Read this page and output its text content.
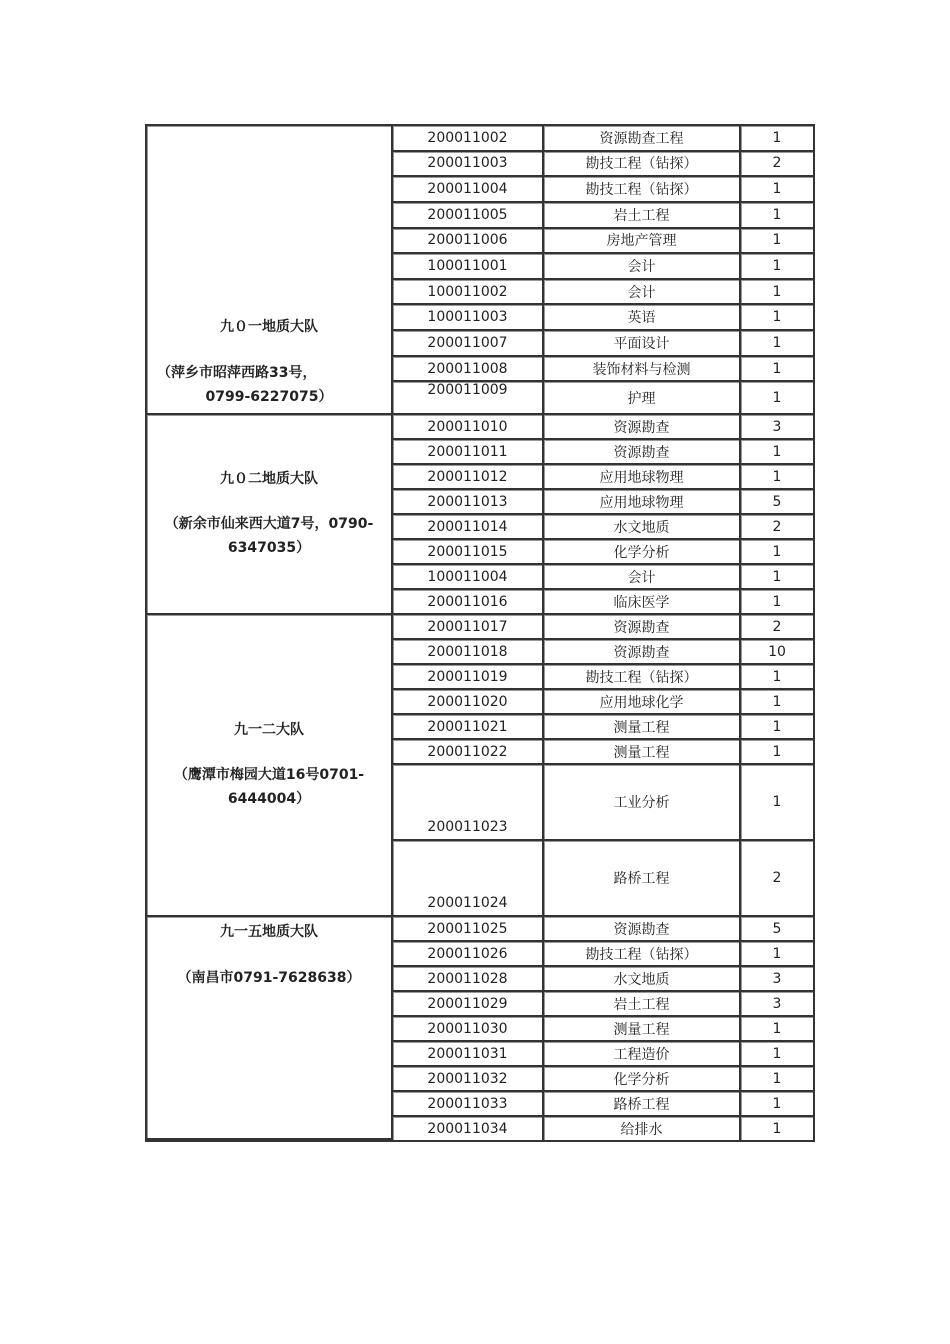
九０一地质大队
（萍乡市昭萍西路33号，
0799-6227075）	200011002	资源勘查工程	1
	200011003	勘技工程（钻探）	2
	200011004	勘技工程（钻探）	1
	200011005	岩土工程	1
	200011006	房地产管理	1
	100011001	会计	1
	100011002	会计	1
	100011003	英语	1
	200011007	平面设计	1
	200011008	装饰材料与检测	1
	200011009	护理	1

九０二地质大队
（新余市仙来西大道7号，0790-
6347035）	200011010	资源勘查	3
	200011011	资源勘查	1
	200011012	应用地球物理	1
	200011013	应用地球物理	5
	200011014	水文地质	2
	200011015	化学分析	1
	100011004	会计	1
	200011016	临床医学	1

九一二大队
（鹰潭市梅园大道16号0701-
6444004）	200011017	资源勘查	2
	200011018	资源勘查	10
	200011019	勘技工程（钻探）	1
	200011020	应用地球化学	1
	200011021	测量工程	1
	200011022	测量工程	1
	200011023	工业分析	1
	200011024	路桥工程	2

九一五地质大队
（南昌市0791-7628638）	200011025	资源勘查	5
	200011026	勘技工程（钻探）	1
	200011028	水文地质	3
	200011029	岩土工程	3
	200011030	测量工程	1
	200011031	工程造价	1
	200011032	化学分析	1
	200011033	路桥工程	1
	200011034	给排水	1
